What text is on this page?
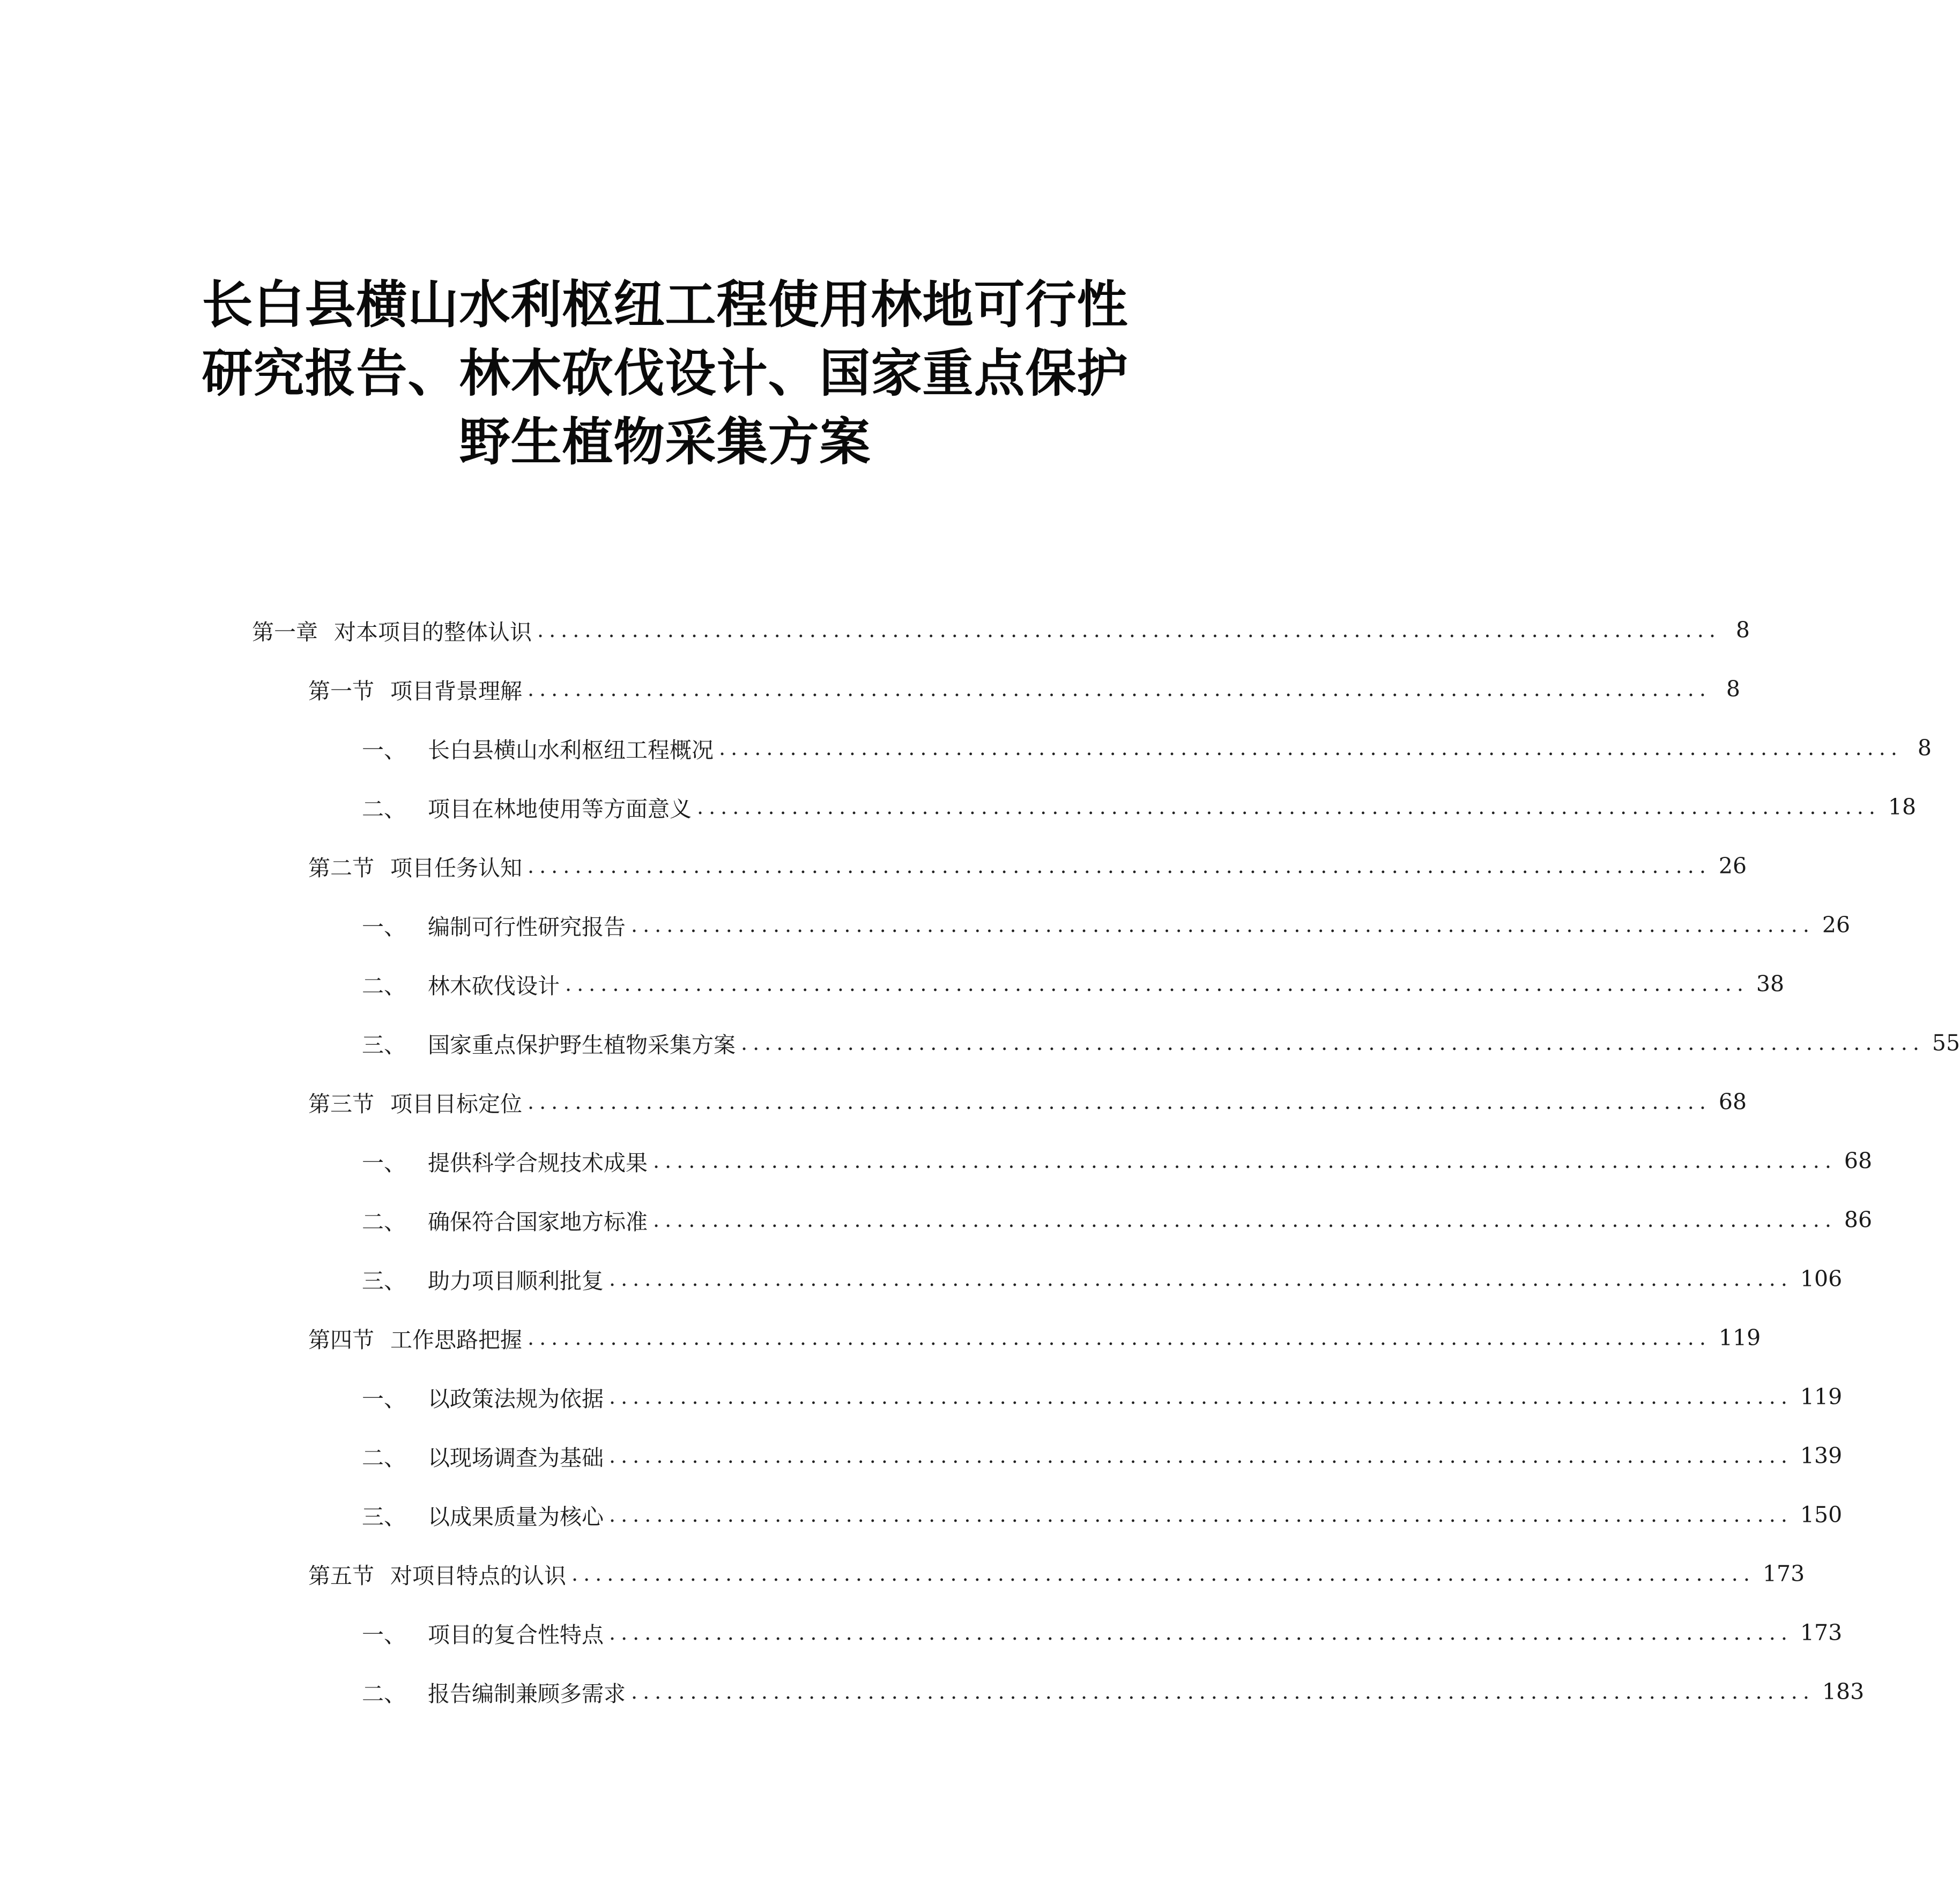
长白县横山水利枢纽工程使用林地可行性
研究报告、林木砍伐设计、国家重点保护
野生植物采集方案
第一章 对本项目的整体认识 .................................................................................................... 8
第一节 项目背景理解 .................................................................................................... 8
一、	长白县横山水利枢纽工程概况 .................................................................................................... 8
二、	项目在林地使用等方面意义 .................................................................................................... 18
第二节 项目任务认知 .................................................................................................... 26
一、	编制可行性研究报告 .................................................................................................... 26
二、	林木砍伐设计 .................................................................................................... 38
三、	国家重点保护野生植物采集方案 .................................................................................................... 55
第三节 项目目标定位 .................................................................................................... 68
一、	提供科学合规技术成果 .................................................................................................... 68
二、	确保符合国家地方标准 .................................................................................................... 86
三、	助力项目顺利批复 .................................................................................................... 106
第四节 工作思路把握 .................................................................................................... 119
一、	以政策法规为依据 .................................................................................................... 119
二、	以现场调查为基础 .................................................................................................... 139
三、	以成果质量为核心 .................................................................................................... 150
第五节 对项目特点的认识 .................................................................................................... 173
一、	项目的复合性特点 .................................................................................................... 173
二、	报告编制兼顾多需求 .................................................................................................... 183
